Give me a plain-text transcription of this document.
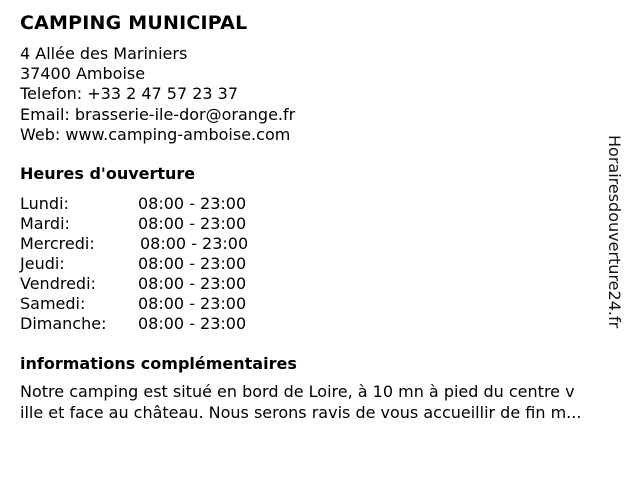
CAMPING MUNICIPAL
4 Allée des Mariniers
37400 Amboise
Telefon: +33 2 47 57 23 37
Email: brasserie-ile-dor@orange.fr
Web: www.camping-amboise.com
Heures d'ouverture
Lundi:	08:00 - 23:00
Mardi:	08:00 - 23:00
Mercredi:	08:00 - 23:00
Jeudi:	08:00 - 23:00
Vendredi:	08:00 - 23:00
Samedi:	08:00 - 23:00
Dimanche: 08:00 - 23:00
informations complémentaires
Notre camping est situé en bord de Loire, à 10 mn à pied du centre v
ille et face au château. Nous serons ravis de vous accueillir de fin m...
Horairesdouverture24.fr
